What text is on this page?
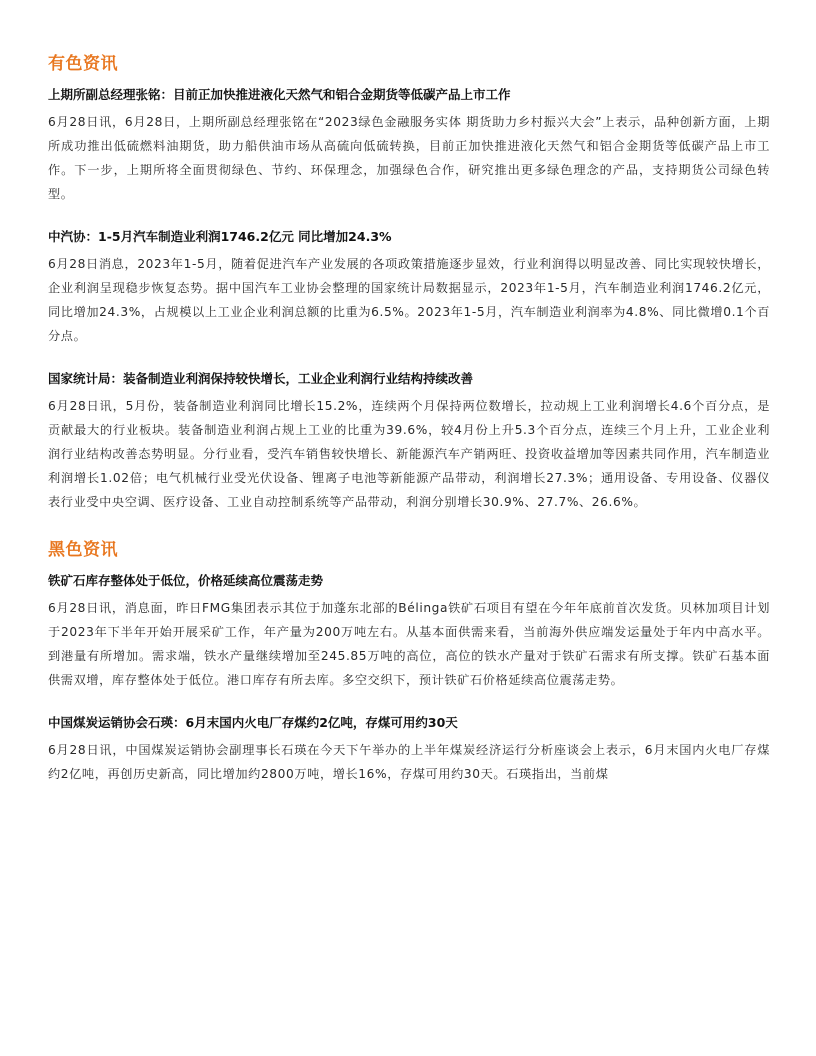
有色资讯
上期所副总经理张铭：目前正加快推进液化天然气和铝合金期货等低碳产品上市工作

6月28日讯，6月28日，上期所副总经理张铭在“2023绿色金融服务实体 期货助力乡村振兴大会”上表示，品种创新方面，上期所成功推出低硫燃料油期货，助力船供油市场从高硫向低硫转换，目前正加快推进液化天然气和铝合金期货等低碳产品上市工作。下一步，上期所将全面贯彻绿色、节约、环保理念，加强绿色合作，研究推出更多绿色理念的产品，支持期货公司绿色转型。

中汽协：1-5月汽车制造业利润1746.2亿元 同比增加24.3%

6月28日消息，2023年1-5月，随着促进汽车产业发展的各项政策措施逐步显效，行业利润得以明显改善、同比实现较快增长，企业利润呈现稳步恢复态势。据中国汽车工业协会整理的国家统计局数据显示，2023年1-5月，汽车制造业利润1746.2亿元，同比增加24.3%，占规模以上工业企业利润总额的比重为6.5%。2023年1-5月，汽车制造业利润率为4.8%、同比微增0.1个百分点。

国家统计局：装备制造业利润保持较快增长，工业企业利润行业结构持续改善

6月28日讯，5月份，装备制造业利润同比增长15.2%，连续两个月保持两位数增长，拉动规上工业利润增长4.6个百分点，是贡献最大的行业板块。装备制造业利润占规上工业的比重为39.6%，较4月份上升5.3个百分点，连续三个月上升，工业企业利润行业结构改善态势明显。分行业看，受汽车销售较快增长、新能源汽车产销两旺、投资收益增加等因素共同作用，汽车制造业利润增长1.02倍；电气机械行业受光伏设备、锂离子电池等新能源产品带动，利润增长27.3%；通用设备、专用设备、仪器仪表行业受中央空调、医疗设备、工业自动控制系统等产品带动，利润分别增长30.9%、27.7%、26.6%。

黑色资讯
铁矿石库存整体处于低位，价格延续高位震荡走势

6月28日讯，消息面，昨日FMG集团表示其位于加蓬东北部的Bélinga铁矿石项目有望在今年年底前首次发货。贝林加项目计划于2023年下半年开始开展采矿工作，年产量为200万吨左右。从基本面供需来看，当前海外供应端发运量处于年内中高水平。到港量有所增加。需求端，铁水产量继续增加至245.85万吨的高位，高位的铁水产量对于铁矿石需求有所支撑。铁矿石基本面供需双增，库存整体处于低位。港口库存有所去库。多空交织下，预计铁矿石价格延续高位震荡走势。

中国煤炭运销协会石瑛：6月末国内火电厂存煤约2亿吨，存煤可用约30天

6月28日讯，中国煤炭运销协会副理事长石瑛在今天下午举办的上半年煤炭经济运行分析座谈会上表示，6月末国内火电厂存煤约2亿吨，再创历史新高，同比增加约2800万吨，增长16%，存煤可用约30天。石瑛指出，当前煤
